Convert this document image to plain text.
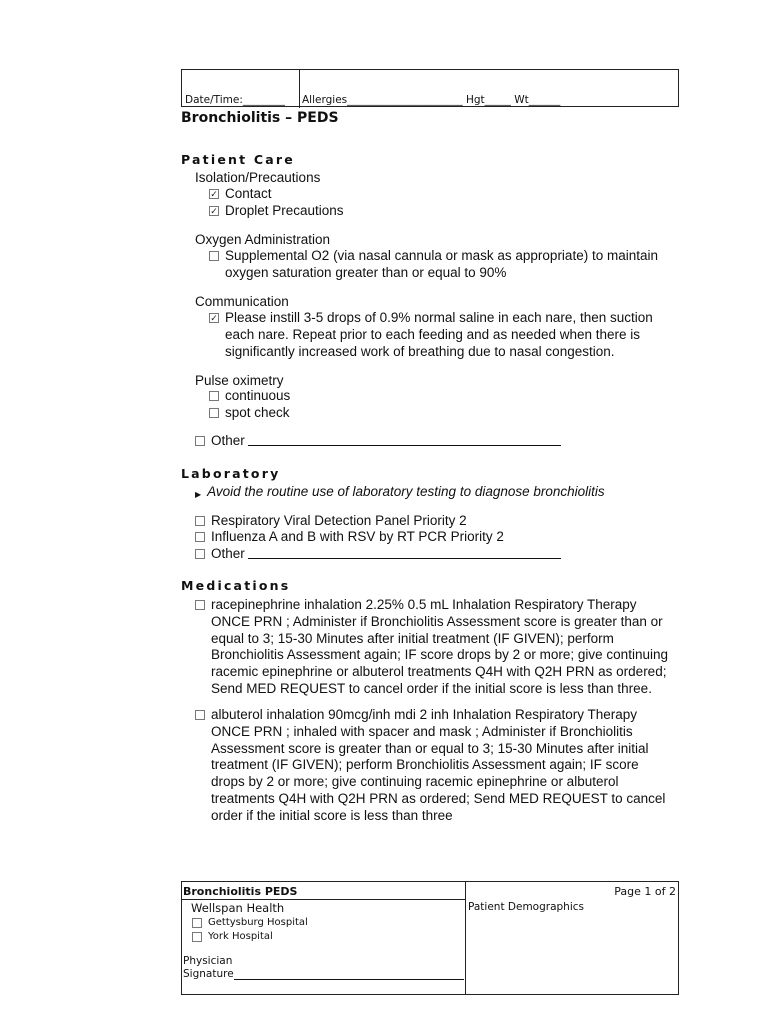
Date/Time:________ Allergies______________________ Hgt_____ Wt______
Bronchiolitis – PEDS
Patient Care
Isolation/Precautions
✓ Contact
✓ Droplet Precautions
Oxygen Administration
Supplemental O2 (via nasal cannula or mask as appropriate) to maintain
oxygen saturation greater than or equal to 90%
Communication
✓ Please instill 3-5 drops of 0.9% normal saline in each nare, then suction
each nare. Repeat prior to each feeding and as needed when there is
significantly increased work of breathing due to nasal congestion.
Pulse oximetry
continuous
spot check
Other
Laboratory
▶ Avoid the routine use of laboratory testing to diagnose bronchiolitis
Respiratory Viral Detection Panel Priority 2
Influenza A and B with RSV by RT PCR Priority 2
Other
Medications
racepinephrine inhalation 2.25% 0.5 mL Inhalation Respiratory Therapy
ONCE PRN ; Administer if Bronchiolitis Assessment score is greater than or
equal to 3; 15-30 Minutes after initial treatment (IF GIVEN); perform
Bronchiolitis Assessment again; IF score drops by 2 or more; give continuing
racemic epinephrine or albuterol treatments Q4H with Q2H PRN as ordered;
Send MED REQUEST to cancel order if the initial score is less than three.
albuterol inhalation 90mcg/inh mdi 2 inh Inhalation Respiratory Therapy
ONCE PRN ; inhaled with spacer and mask ; Administer if Bronchiolitis
Assessment score is greater than or equal to 3; 15-30 Minutes after initial
treatment (IF GIVEN); perform Bronchiolitis Assessment again; IF score
drops by 2 or more; give continuing racemic epinephrine or albuterol
treatments Q4H with Q2H PRN as ordered; Send MED REQUEST to cancel
order if the initial score is less than three
Bronchiolitis PEDS	Page 1 of 2
Wellspan Health
Gettysburg Hospital
York Hospital
Patient Demographics
Physician
Signature
